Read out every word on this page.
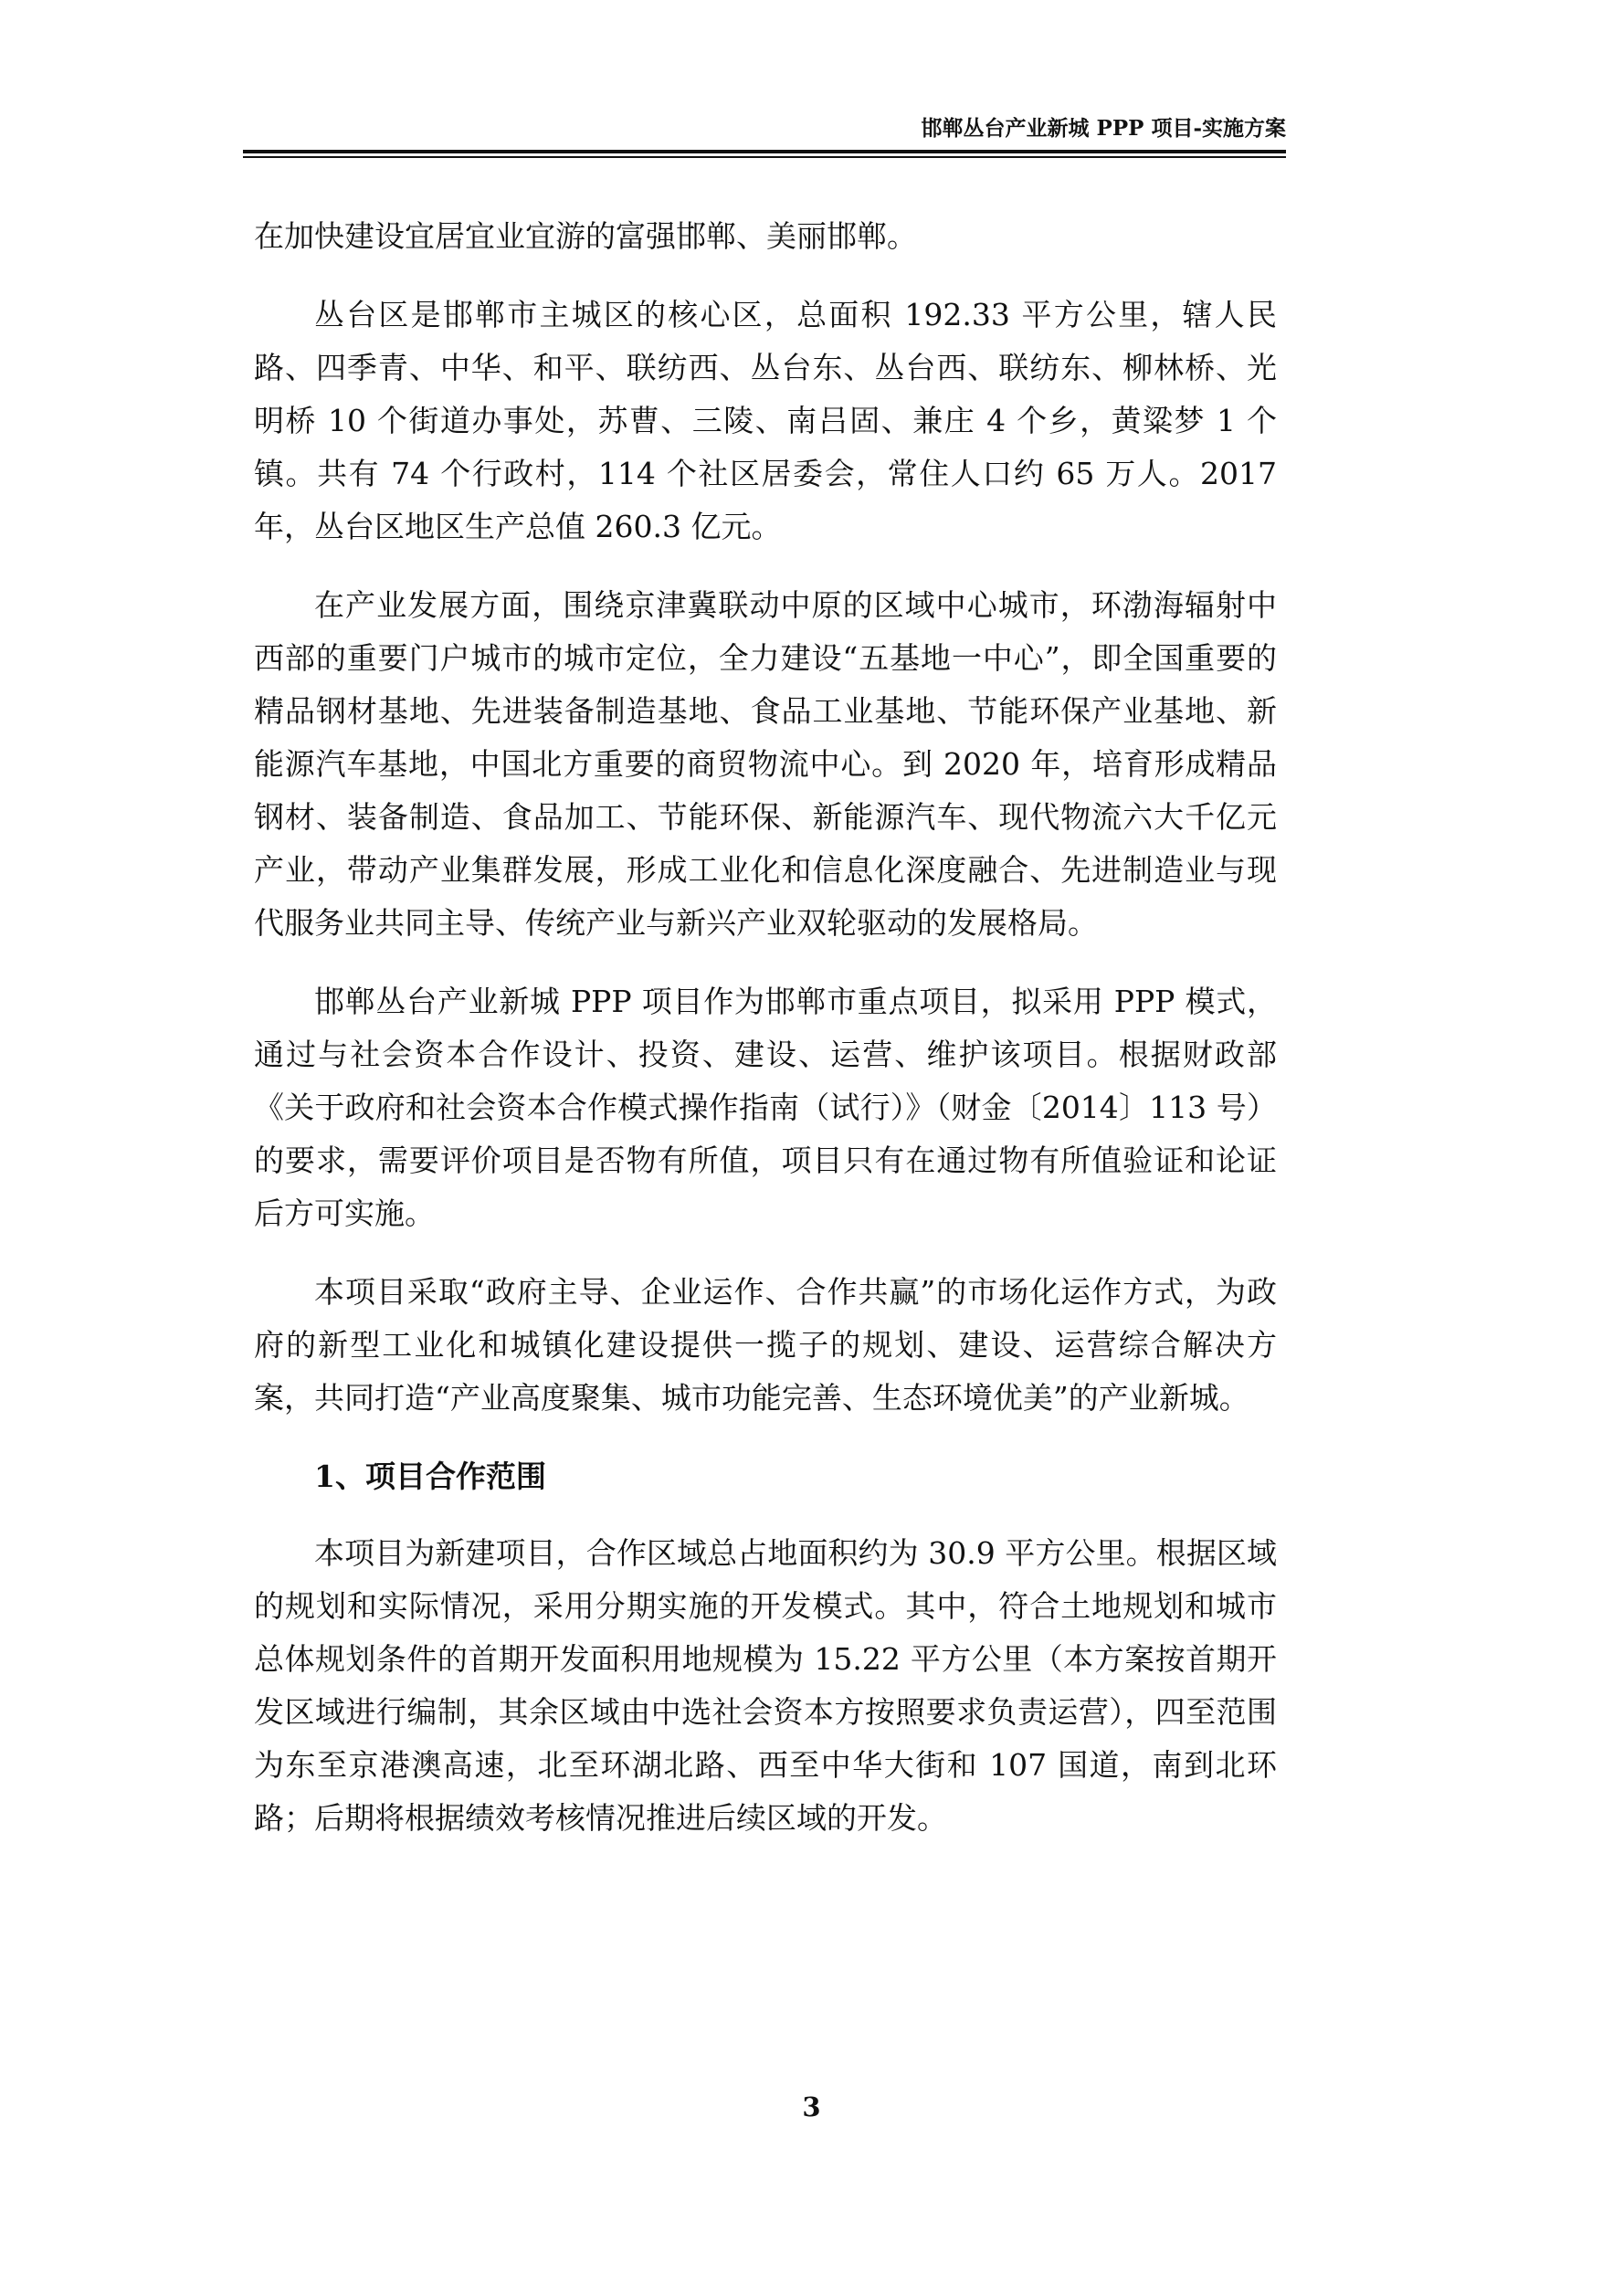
邯郸丛台产业新城 PPP 项目-实施方案

在加快建设宜居宜业宜游的富强邯郸、美丽邯郸。

丛台区是邯郸市主城区的核心区，总面积 192.33 平方公里，辖人民路、四季青、中华、和平、联纺西、丛台东、丛台西、联纺东、柳林桥、光明桥 10 个街道办事处，苏曹、三陵、南吕固、兼庄 4 个乡，黄粱梦 1 个镇。共有 74 个行政村，114 个社区居委会，常住人口约 65 万人。2017 年，丛台区地区生产总值 260.3 亿元。

在产业发展方面，围绕京津冀联动中原的区域中心城市，环渤海辐射中西部的重要门户城市的城市定位，全力建设“五基地一中心”，即全国重要的精品钢材基地、先进装备制造基地、食品工业基地、节能环保产业基地、新能源汽车基地，中国北方重要的商贸物流中心。到 2020 年，培育形成精品钢材、装备制造、食品加工、节能环保、新能源汽车、现代物流六大千亿元产业，带动产业集群发展，形成工业化和信息化深度融合、先进制造业与现代服务业共同主导、传统产业与新兴产业双轮驱动的发展格局。

邯郸丛台产业新城 PPP 项目作为邯郸市重点项目，拟采用 PPP 模式，通过与社会资本合作设计、投资、建设、运营、维护该项目。根据财政部《关于政府和社会资本合作模式操作指南（试行）》（财金〔2014〕113 号）的要求，需要评价项目是否物有所值，项目只有在通过物有所值验证和论证后方可实施。

本项目采取“政府主导、企业运作、合作共赢”的市场化运作方式，为政府的新型工业化和城镇化建设提供一揽子的规划、建设、运营综合解决方案，共同打造“产业高度聚集、城市功能完善、生态环境优美”的产业新城。

1、项目合作范围

本项目为新建项目，合作区域总占地面积约为 30.9 平方公里。根据区域的规划和实际情况，采用分期实施的开发模式。其中，符合土地规划和城市总体规划条件的首期开发面积用地规模为 15.22 平方公里（本方案按首期开发区域进行编制，其余区域由中选社会资本方按照要求负责运营），四至范围为东至京港澳高速，北至环湖北路、西至中华大街和 107 国道，南到北环路；后期将根据绩效考核情况推进后续区域的开发。

3
